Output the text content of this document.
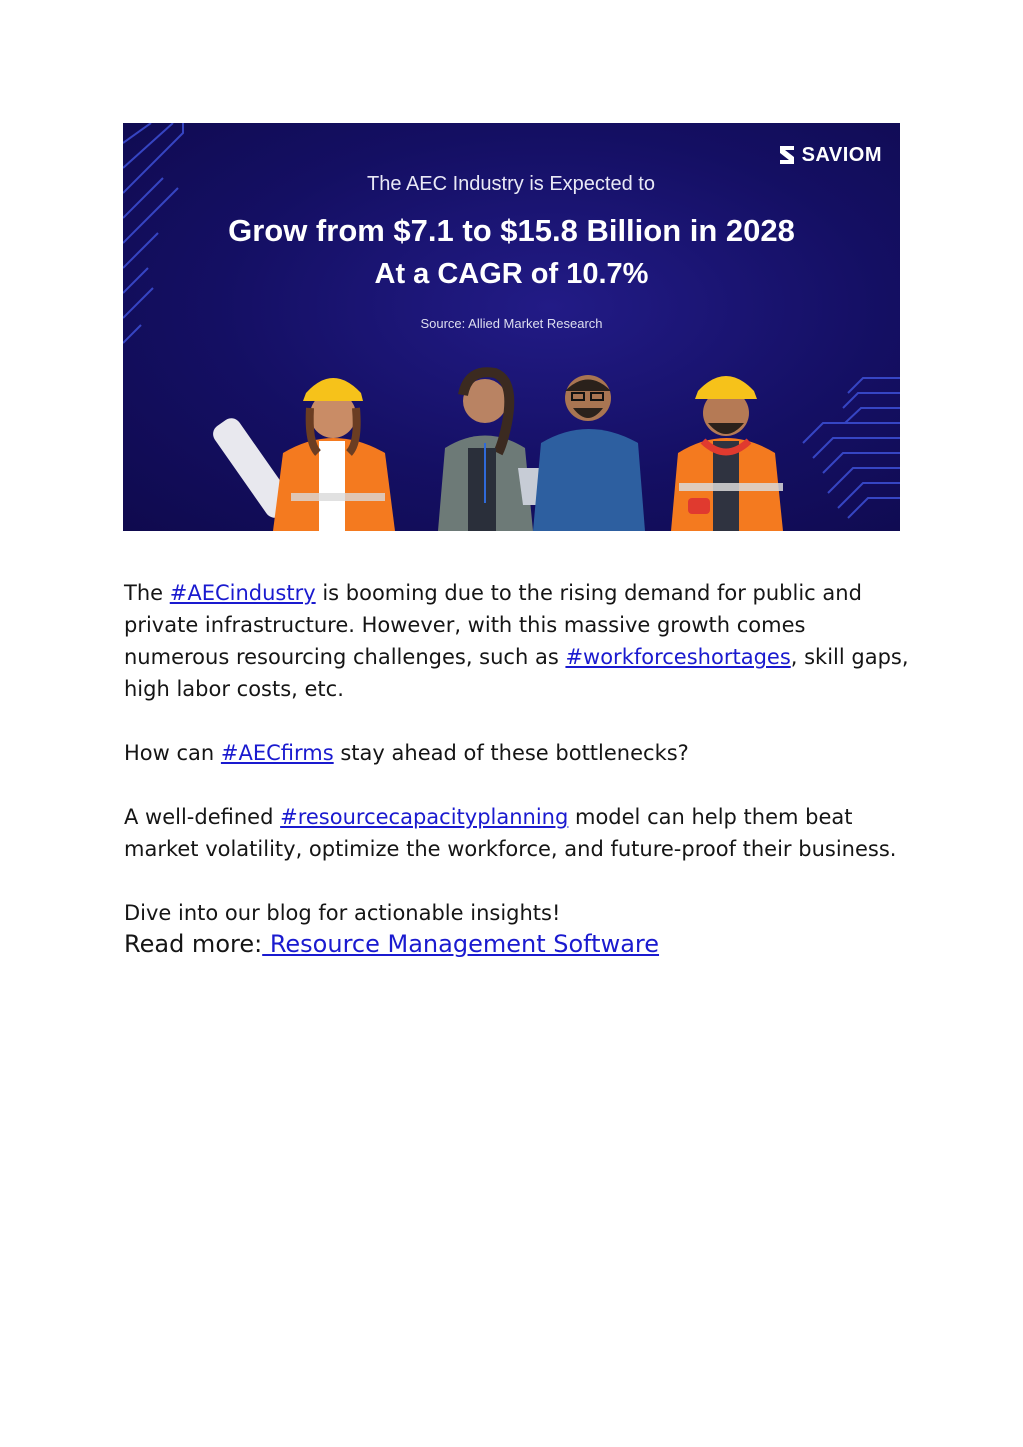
SAVIOM
The AEC Industry is Expected to
Grow from $7.1 to $15.8 Billion in 2028
At a CAGR of 10.7%
Source: Allied Market Research

The #AECindustry is booming due to the rising demand for public and private infrastructure. However, with this massive growth comes numerous resourcing challenges, such as #workforceshortages, skill gaps, high labor costs, etc.

How can #AECfirms stay ahead of these bottlenecks?

A well-defined #resourcecapacityplanning model can help them beat market volatility, optimize the workforce, and future-proof their business.

Dive into our blog for actionable insights!

Read more: Resource Management Software
